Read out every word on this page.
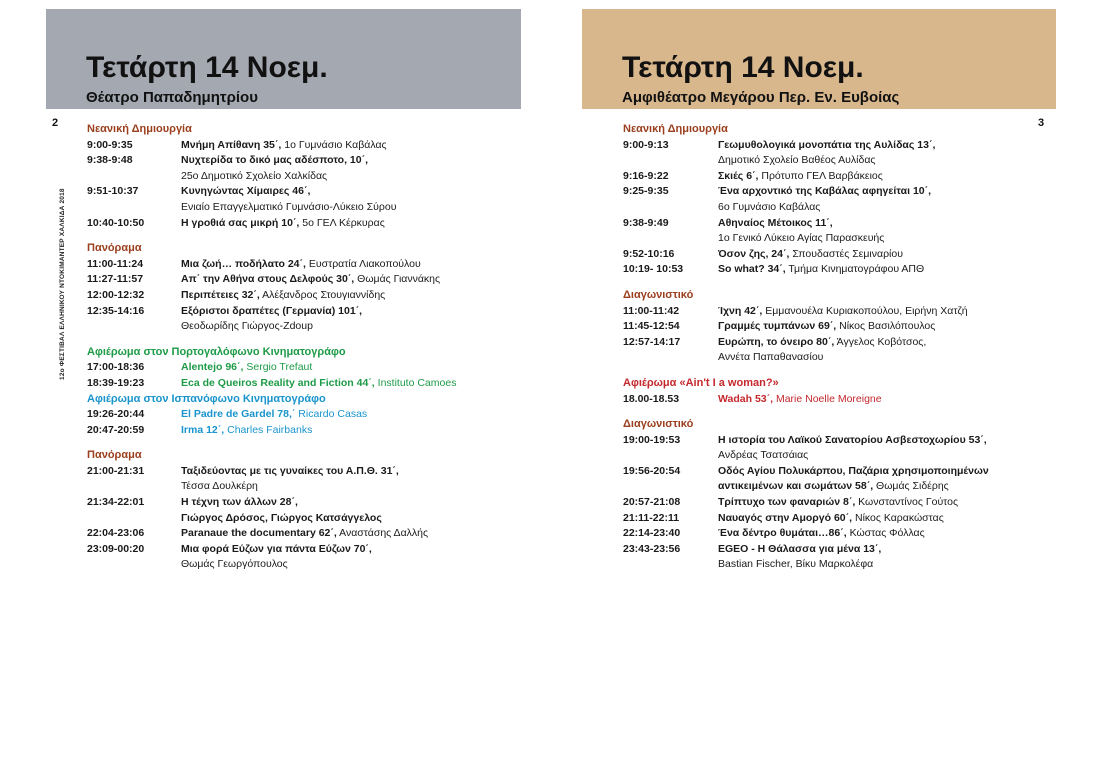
Τετάρτη 14 Νοεμ.
Θέατρο Παπαδημητρίου
2
12ο ΦΕΣΤΙΒΑΛ ΕΛΛΗΝΙΚΟΥ ΝΤΟΚΙΜΑΝΤΕΡ ΧΑΛΚΙΔΑ 2018
Νεανική Δημιουργία
9:00-9:35	Μνήμη Απίθανη 35΄, 1ο Γυμνάσιο Καβάλας
9:38-9:48	Νυχτερίδα το δικό μας αδέσποτο, 10΄,
25ο Δημοτικό Σχολείο Χαλκίδας
9:51-10:37	Κυνηγώντας Χίμαιρες 46΄,
Ενιαίο Επαγγελματικό Γυμνάσιο-Λύκειο Σύρου
10:40-10:50	Η γροθιά σας μικρή 10΄, 5ο ΓΕΛ Κέρκυρας
Πανόραμα
11:00-11:24	Μια ζωή… ποδήλατο 24΄, Ευστρατία Λιακοπούλου
11:27-11:57	Απ΄ την Αθήνα στους Δελφούς 30΄, Θωμάς Γιαννάκης
12:00-12:32	Περιπέτειες 32΄, Αλέξανδρος Στουγιαννίδης
12:35-14:16	Εξόριστοι δραπέτες (Γερμανία) 101΄,
Θεοδωρίδης Γιώργος-Zdoup
Αφιέρωμα στον Πορτογαλόφωνο Κινηματογράφο
17:00-18:36	Alentejo 96΄, Sergio Trefaut
18:39-19:23	Eca de Queiros Reality and Fiction 44΄, Instituto Camoes
Αφιέρωμα στον Ισπανόφωνο Κινηματογράφο
19:26-20:44	El Padre de Gardel 78,΄ Ricardo Casas
20:47-20:59	Irma 12΄, Charles Fairbanks
Πανόραμα
21:00-21:31	Ταξιδεύοντας με τις γυναίκες του Α.Π.Θ. 31΄,
Τέσσα Δουλκέρη
21:34-22:01	Η τέχνη των άλλων 28΄,
Γιώργος Δρόσος, Γιώργος Κατσάγγελος
22:04-23:06	Paranaue the documentary 62΄, Αναστάσης Δαλλής
23:09-00:20	Μια φορά Εύζων για πάντα Εύζων 70΄,
Θωμάς Γεωργόπουλος
Τετάρτη 14 Νοεμ.
Αμφιθέατρο Μεγάρου Περ. Εν. Ευβοίας
3
Νεανική Δημιουργία
9:00-9:13	Γεωμυθολογικά μονοπάτια της Αυλίδας 13΄,
Δημοτικό Σχολείο Βαθέος Αυλίδας
9:16-9:22	Σκιές 6΄, Πρότυπο ΓΕΛ Βαρβάκειος
9:25-9:35	Ένα αρχοντικό της Καβάλας αφηγείται 10΄,
6ο Γυμνάσιο Καβάλας
9:38-9:49	Αθηναίος Μέτοικος 11΄,
1ο Γενικό Λύκειο Αγίας Παρασκευής
9:52-10:16	Όσον ζης, 24΄, Σπουδαστές Σεμιναρίου
10:19- 10:53	So what? 34΄, Τμήμα Κινηματογράφου ΑΠΘ
Διαγωνιστικό
11:00-11:42	Ίχνη 42΄, Εμμανουέλα Κυριακοπούλου, Ειρήνη Χατζή
11:45-12:54	Γραμμές τυμπάνων 69΄, Νίκος Βασιλόπουλος
12:57-14:17	Ευρώπη, το όνειρο 80΄, Άγγελος Κοβότσος,
Αννέτα Παπαθανασίου
Αφιέρωμα «Ain't I a woman?»
18.00-18.53	Wadah 53΄, Marie Noelle Moreigne
Διαγωνιστικό
19:00-19:53	Η ιστορία του Λαϊκού Σανατορίου Ασβεστοχωρίου 53΄,
Ανδρέας Τσατσάιας
19:56-20:54	Οδός Αγίου Πολυκάρπου, Παζάρια χρησιμοποιημένων
αντικειμένων και σωμάτων 58΄, Θωμάς Σιδέρης
20:57-21:08	Τρίπτυχο των φαναριών 8΄, Κωνσταντίνος Γούτος
21:11-22:11	Ναυαγός στην Αμοργό 60΄, Νίκος Καρακώστας
22:14-23:40	Ένα δέντρο θυμάται…86΄, Κώστας Φόλλας
23:43-23:56	EGEO - Η Θάλασσα για μένα 13΄,
Bastian Fischer, Βίκυ Μαρκολέφα
